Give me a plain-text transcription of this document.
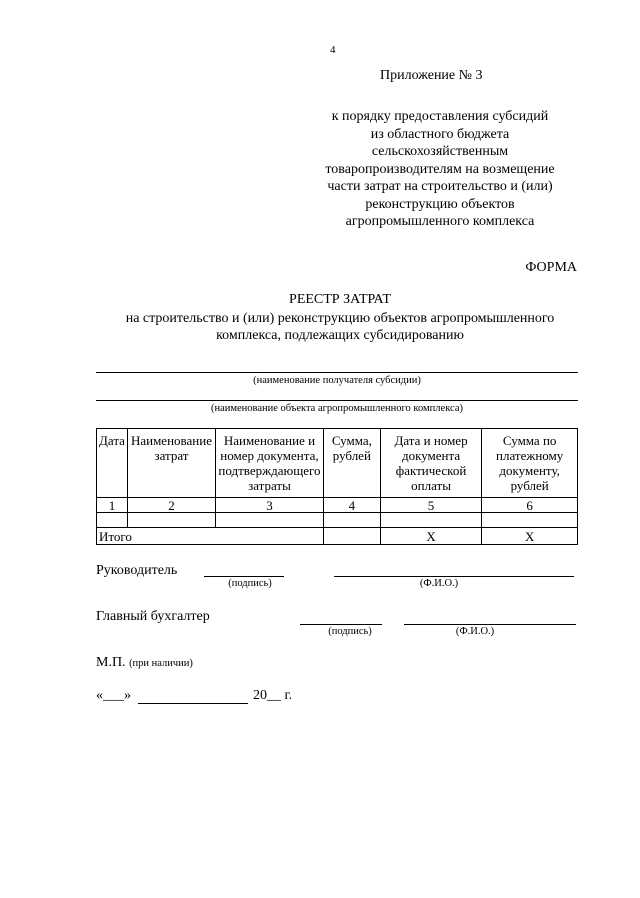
4
Приложение № 3
к порядку предоставления субсидий
из областного бюджета
сельскохозяйственным
товаропроизводителям на возмещение
части затрат на строительство и (или)
реконструкцию объектов
агропромышленного комплекса
ФОРМА
РЕЕСТР ЗАТРАТ
на строительство и (или) реконструкцию объектов агропромышленного
комплекса, подлежащих субсидированию
(наименование получателя субсидии)
(наименование объекта агропромышленного комплекса)
Дата	Наименование затрат	Наименование и номер документа, подтверждающего затраты	Сумма, рублей	Дата и номер документа фактической оплаты	Сумма по платежному документу, рублей
1	2	3	4	5	6

Итого				Х	Х
Руководитель
(подпись)	(Ф.И.О.)
Главный бухгалтер
(подпись)	(Ф.И.О.)
М.П. (при наличии)
«___»	20__ г.
